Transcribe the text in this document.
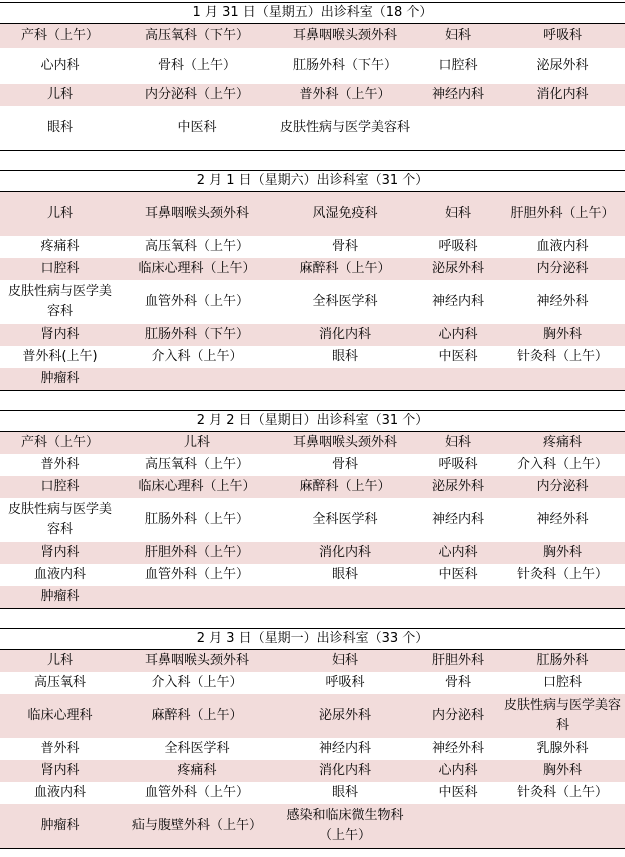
1 月 31 日（星期五）出诊科室（18 个）
产科（上午）	高压氧科（下午）	耳鼻咽喉头颈外科	妇科	呼吸科
心内科	骨科（上午）	肛肠外科（下午）	口腔科	泌尿外科
儿科	内分泌科（上午）	普外科（上午）	神经内科	消化内科
眼科	中医科	皮肤性病与医学美容科		
2 月 1 日（星期六）出诊科室（31 个）
儿科	耳鼻咽喉头颈外科	风湿免疫科	妇科	肝胆外科（上午）
疼痛科	高压氧科（上午）	骨科	呼吸科	血液内科
口腔科	临床心理科（上午）	麻醉科（上午）	泌尿外科	内分泌科
皮肤性病与医学美容科	血管外科（上午）	全科医学科	神经内科	神经外科
肾内科	肛肠外科（下午）	消化内科	心内科	胸外科
普外科(上午)	介入科（上午）	眼科	中医科	针灸科（上午）
肿瘤科				
2 月 2 日（星期日）出诊科室（31 个）
产科（上午）	儿科	耳鼻咽喉头颈外科	妇科	疼痛科
普外科	高压氧科（上午）	骨科	呼吸科	介入科（上午）
口腔科	临床心理科（上午）	麻醉科（上午）	泌尿外科	内分泌科
皮肤性病与医学美容科	肛肠外科（上午）	全科医学科	神经内科	神经外科
肾内科	肝胆外科（上午）	消化内科	心内科	胸外科
血液内科	血管外科（上午）	眼科	中医科	针灸科（上午）
肿瘤科				
2 月 3 日（星期一）出诊科室（33 个）
儿科	耳鼻咽喉头颈外科	妇科	肝胆外科	肛肠外科
高压氧科	介入科（上午）	呼吸科	骨科	口腔科
临床心理科	麻醉科（上午）	泌尿外科	内分泌科	皮肤性病与医学美容科
普外科	全科医学科	神经内科	神经外科	乳腺外科
肾内科	疼痛科	消化内科	心内科	胸外科
血液内科	血管外科（上午）	眼科	中医科	针灸科（上午）
肿瘤科	疝与腹壁外科（上午）	感染和临床微生物科（上午）		
